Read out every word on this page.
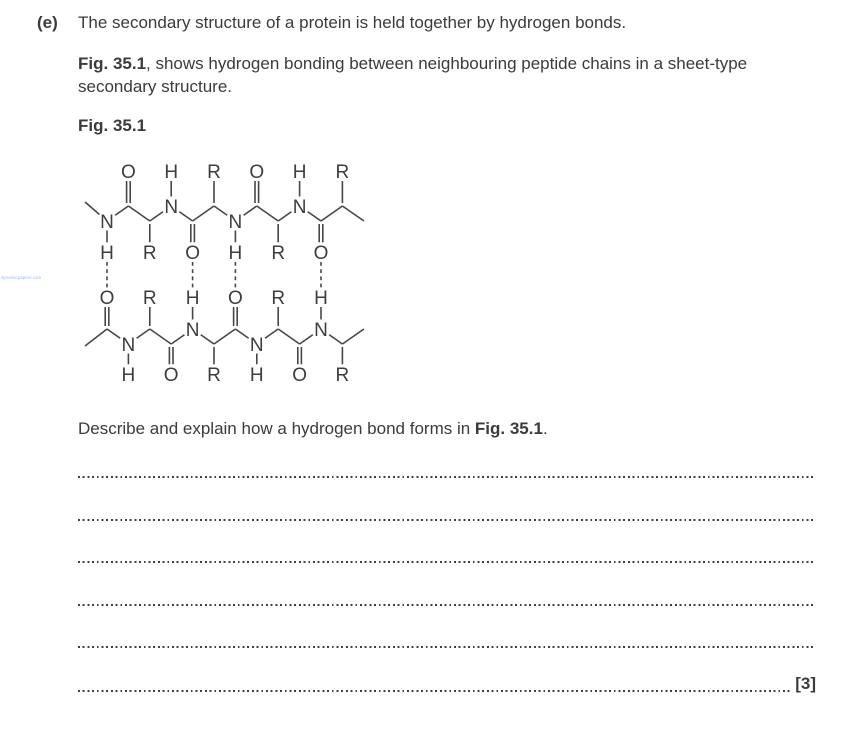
(e) The secondary structure of a protein is held together by hydrogen bonds.
Fig. 35.1, shows hydrogen bonding between neighbouring peptide chains in a sheet-type secondary structure.
Fig. 35.1
N
H
O
R
N
H
O
R
N
H
O
R
N
H
O
R
O
N
H
R
O
N
H
R
O
N
H
R
O
N
H
R
Describe and explain how a hydrogen bond forms in Fig. 35.1.
[3]
dynamicpapers.com
